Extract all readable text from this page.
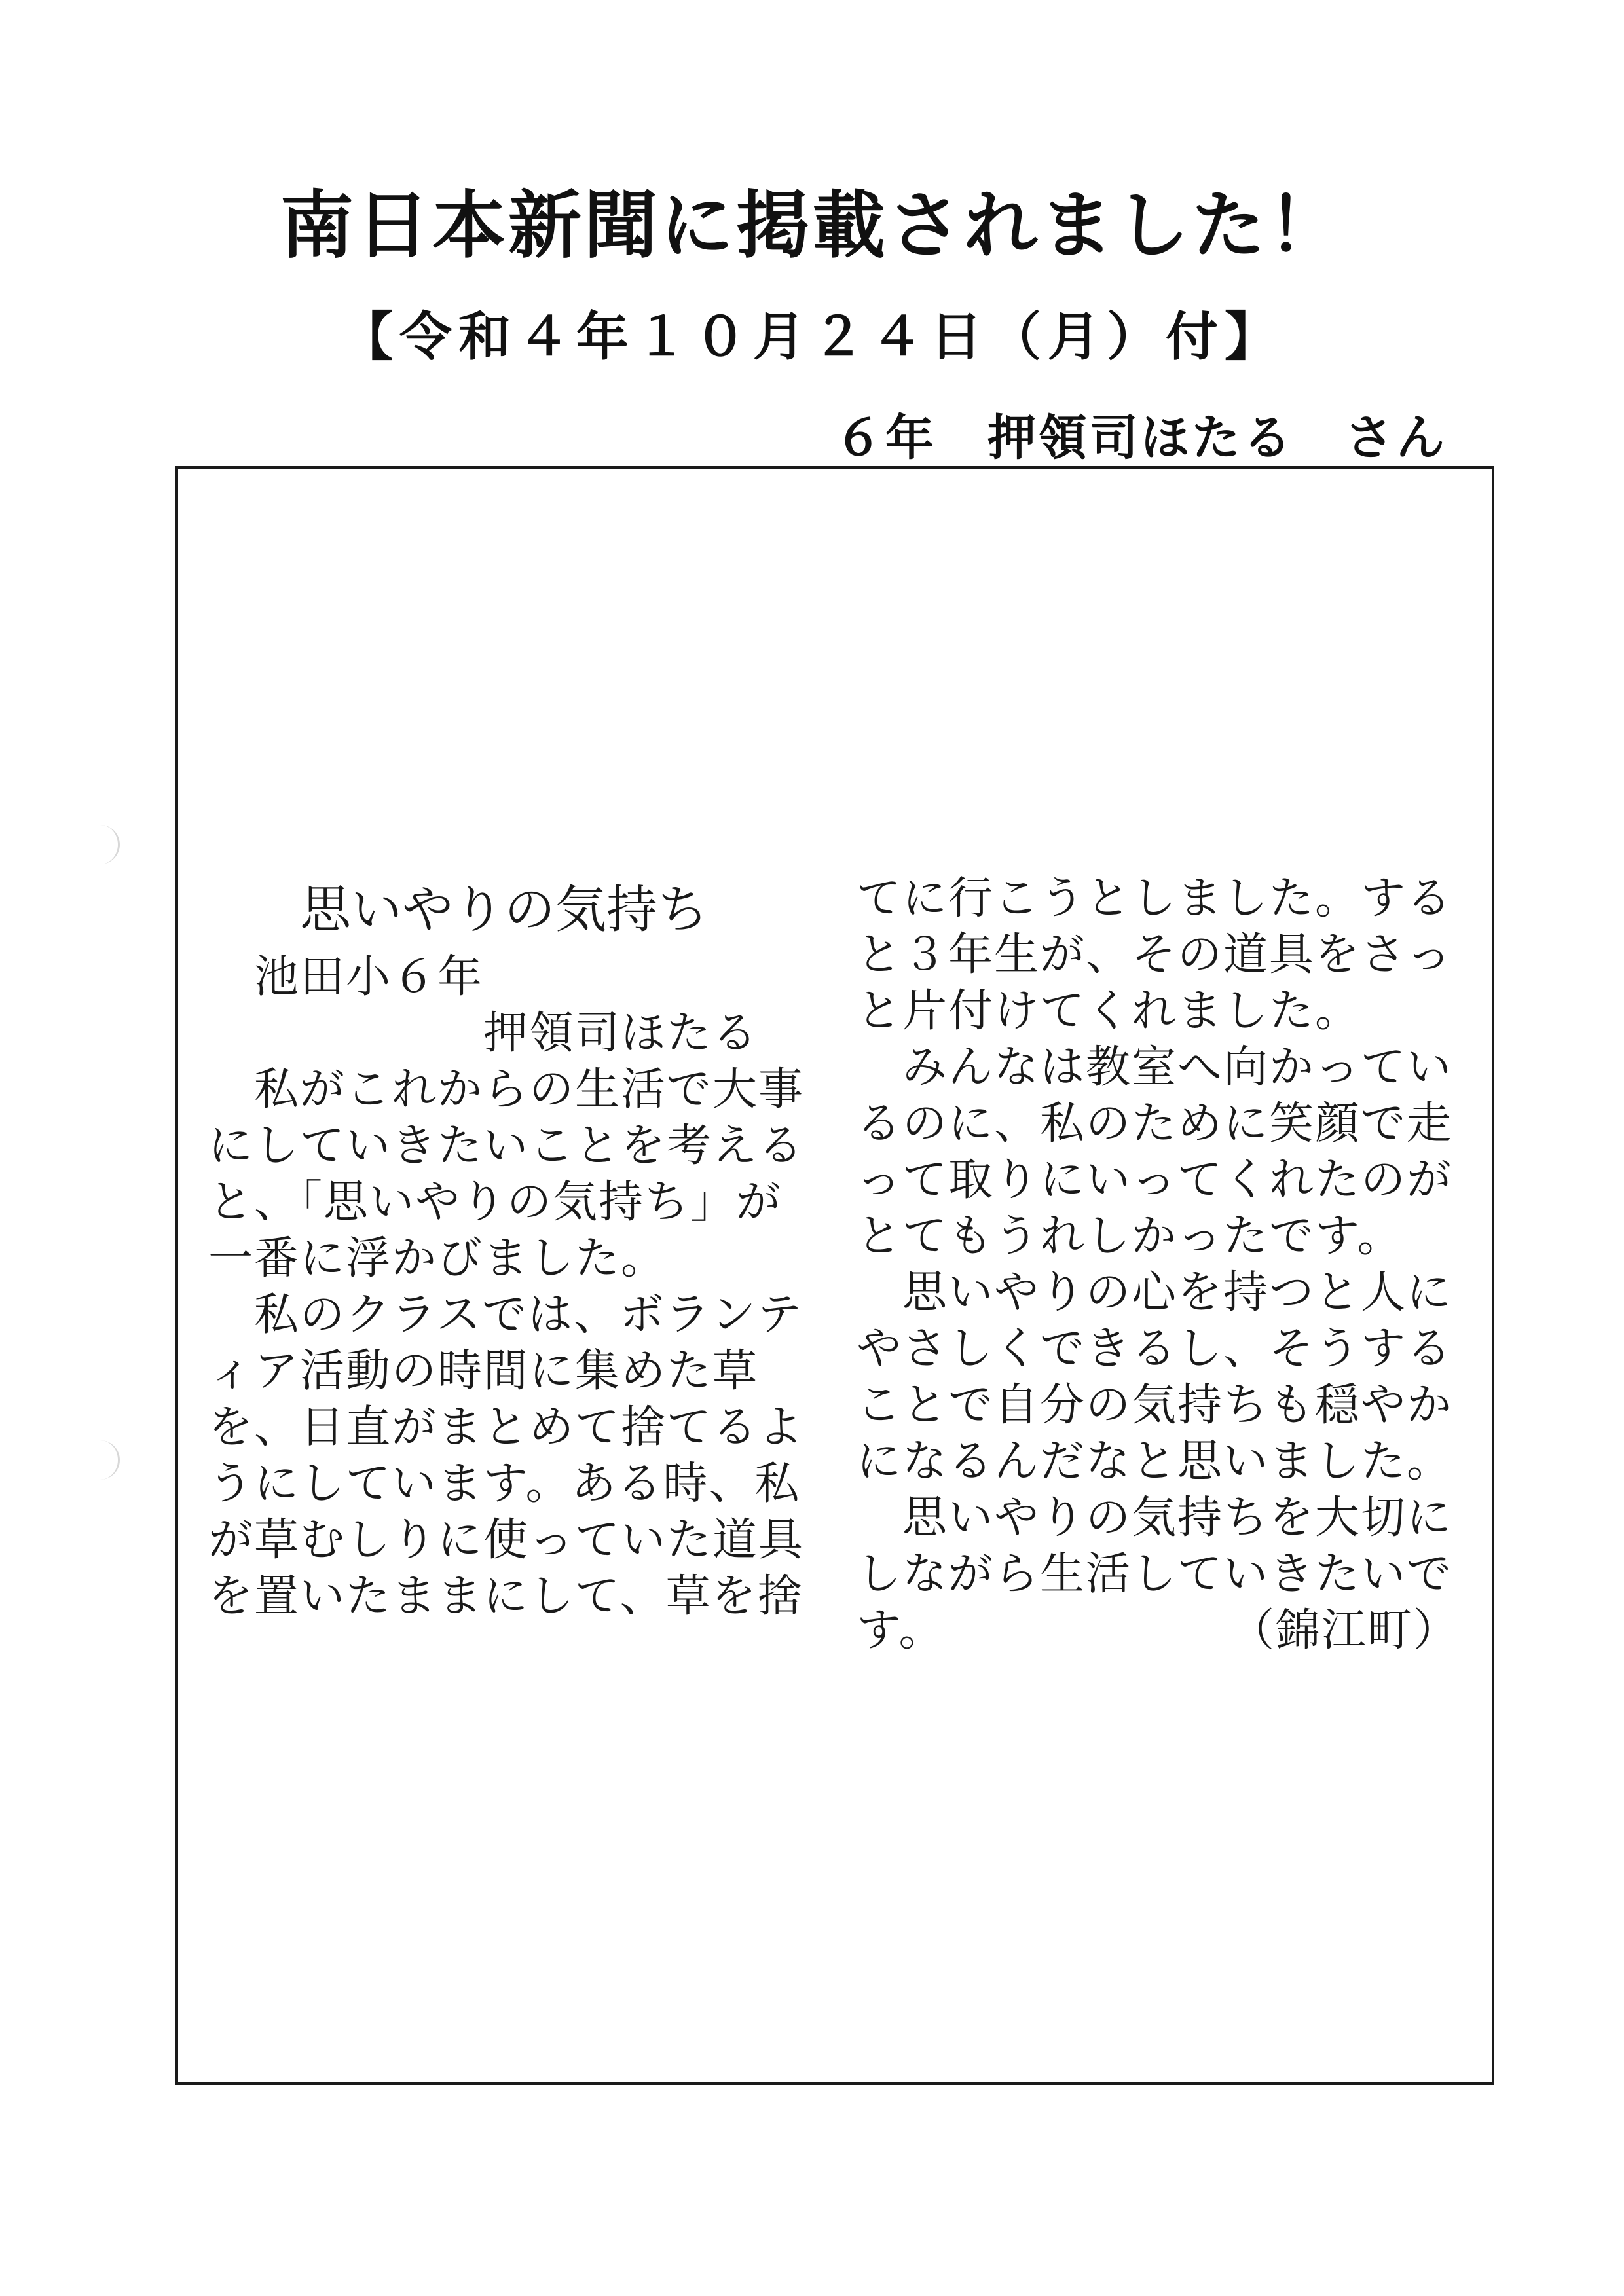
南日本新聞に掲載されました！
【令和４年１０月２４日（月）付】
６年　押領司ほたる　さん
思いやりの気持ち
池田小６年
押領司ほたる
　私がこれからの生活で大事
にしていきたいことを考える
と、「思いやりの気持ち」が
一番に浮かびました。
　私のクラスでは、ボランテ
ィア活動の時間に集めた草
を、日直がまとめて捨てるよ
うにしています。ある時、私
が草むしりに使っていた道具
を置いたままにして、草を捨
てに行こうとしました。する
と３年生が、その道具をさっ
と片付けてくれました。
　みんなは教室へ向かってい
るのに、私のために笑顔で走
って取りにいってくれたのが
とてもうれしかったです。
　思いやりの心を持つと人に
やさしくできるし、そうする
ことで自分の気持ちも穏やか
になるんだなと思いました。
　思いやりの気持ちを大切に
しながら生活していきたいで
す。	（錦江町）
